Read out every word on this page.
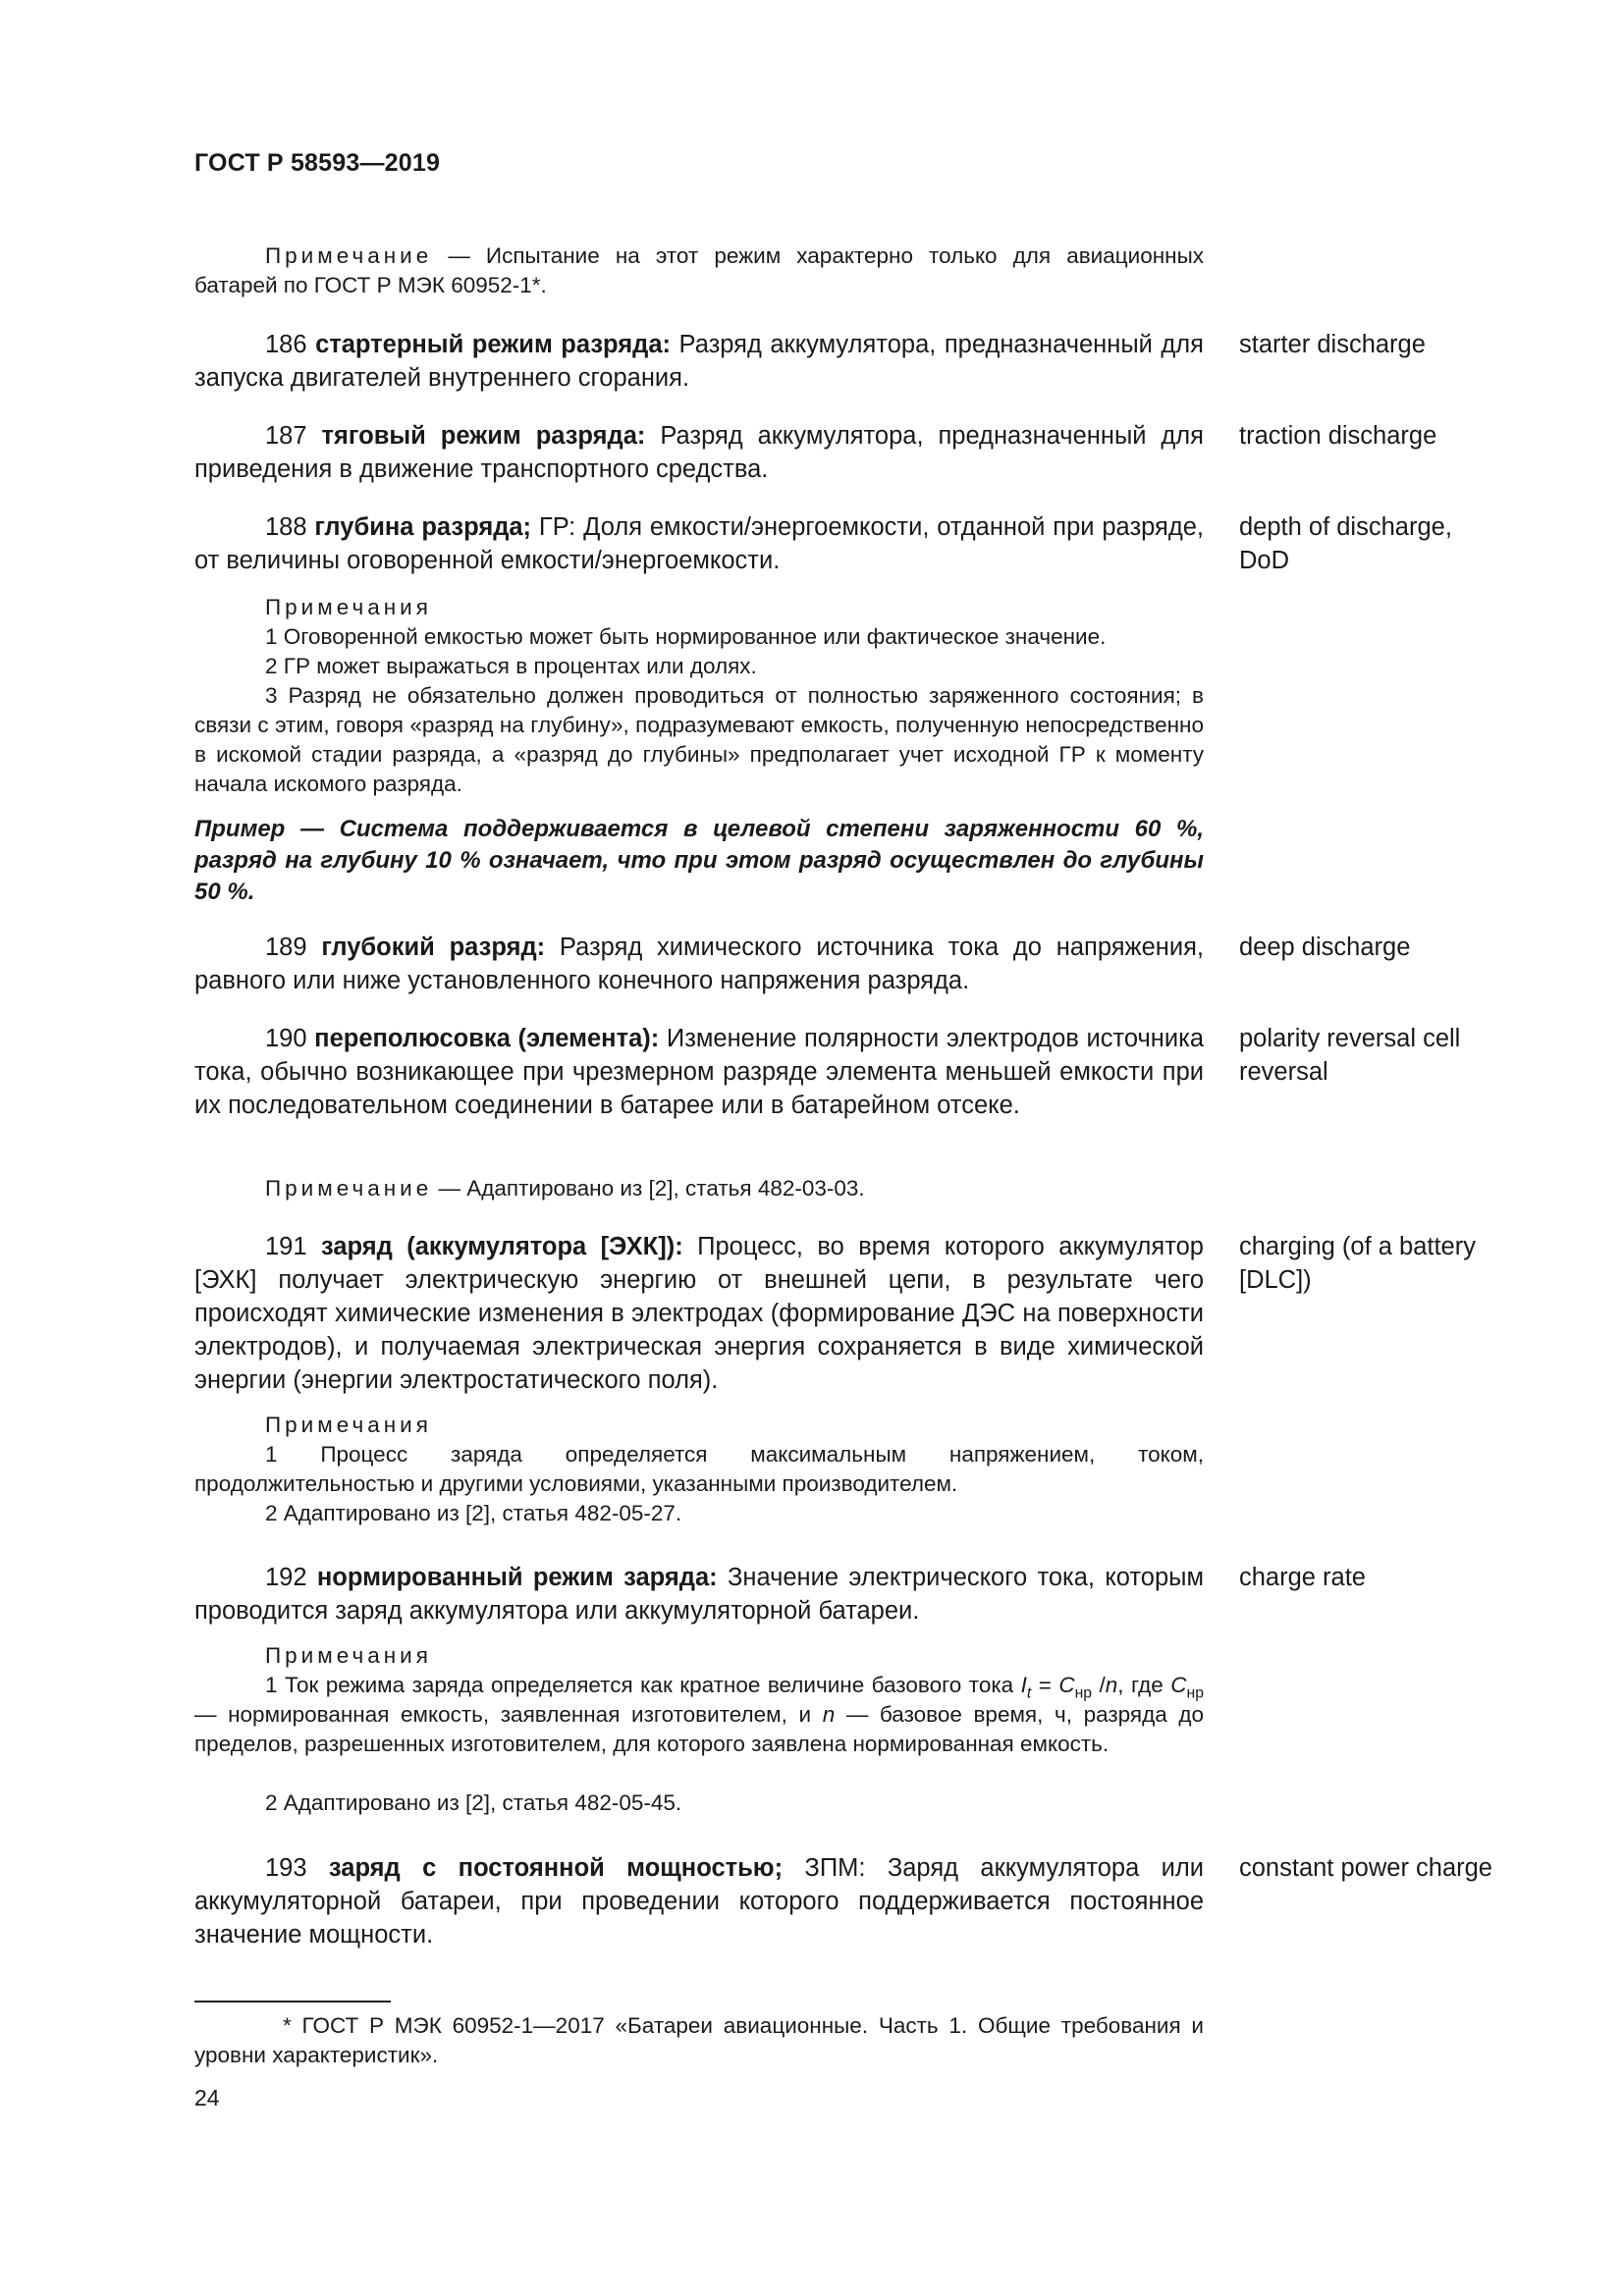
ГОСТ Р 58593—2019

Примечание — Испытание на этот режим характерно только для авиационных батарей по ГОСТ Р МЭК 60952-1*.

186 стартерный режим разряда: Разряд аккумулятора, предназначенный для запуска двигателей внутреннего сгорания.

starter discharge

187 тяговый режим разряда: Разряд аккумулятора, предназначенный для приведения в движение транспортного средства.

traction discharge

188 глубина разряда; ГР: Доля емкости/энергоемкости, отданной при разряде, от величины оговоренной емкости/энергоемкости.

depth of discharge, DoD

Примечания

1 Оговоренной емкостью может быть нормированное или фактическое значение.

2 ГР может выражаться в процентах или долях.

3 Разряд не обязательно должен проводиться от полностью заряженного состояния; в связи с этим, говоря «разряд на глубину», подразумевают емкость, полученную непосредственно в искомой стадии разряда, а «разряд до глубины» предполагает учет исходной ГР к моменту начала искомого разряда.

Пример — Система поддерживается в целевой степени заряженности 60 %, разряд на глубину 10 % означает, что при этом разряд осуществлен до глубины 50 %.

189 глубокий разряд: Разряд химического источника тока до напряжения, равного или ниже установленного конечного напряжения разряда.

deep discharge

190 переполюсовка (элемента): Изменение полярности электродов источника тока, обычно возникающее при чрезмерном разряде элемента меньшей емкости при их последовательном соединении в батарее или в батарейном отсеке.

polarity reversal cell reversal

Примечание — Адаптировано из [2], статья 482-03-03.

191 заряд (аккумулятора [ЭХК]): Процесс, во время которого аккумулятор [ЭХК] получает электрическую энергию от внешней цепи, в результате чего происходят химические изменения в электродах (формирование ДЭС на поверхности электродов), и получаемая электрическая энергия сохраняется в виде химической энергии (энергии электростатического поля).

charging (of a battery [DLC])

Примечания

1 Процесс заряда определяется максимальным напряжением, током, продолжительностью и другими условиями, указанными производителем.

2 Адаптировано из [2], статья 482-05-27.

192 нормированный режим заряда: Значение электрического тока, которым проводится заряд аккумулятора или аккумуляторной батареи.

charge rate

Примечания

1 Ток режима заряда определяется как кратное величине базового тока $I_t = C_{нр}$ /n, где $C_{нр}$ — нормированная емкость, заявленная изготовителем, и n — базовое время, ч, разряда до пределов, разрешенных изготовителем, для которого заявлена нормированная емкость.

2 Адаптировано из [2], статья 482-05-45.

193 заряд с постоянной мощностью; ЗПМ: Заряд аккумулятора или аккумуляторной батареи, при проведении которого поддерживается постоянное значение мощности.

constant power charge

* ГОСТ Р МЭК 60952-1—2017 «Батареи авиационные. Часть 1. Общие требования и уровни характеристик».

24
